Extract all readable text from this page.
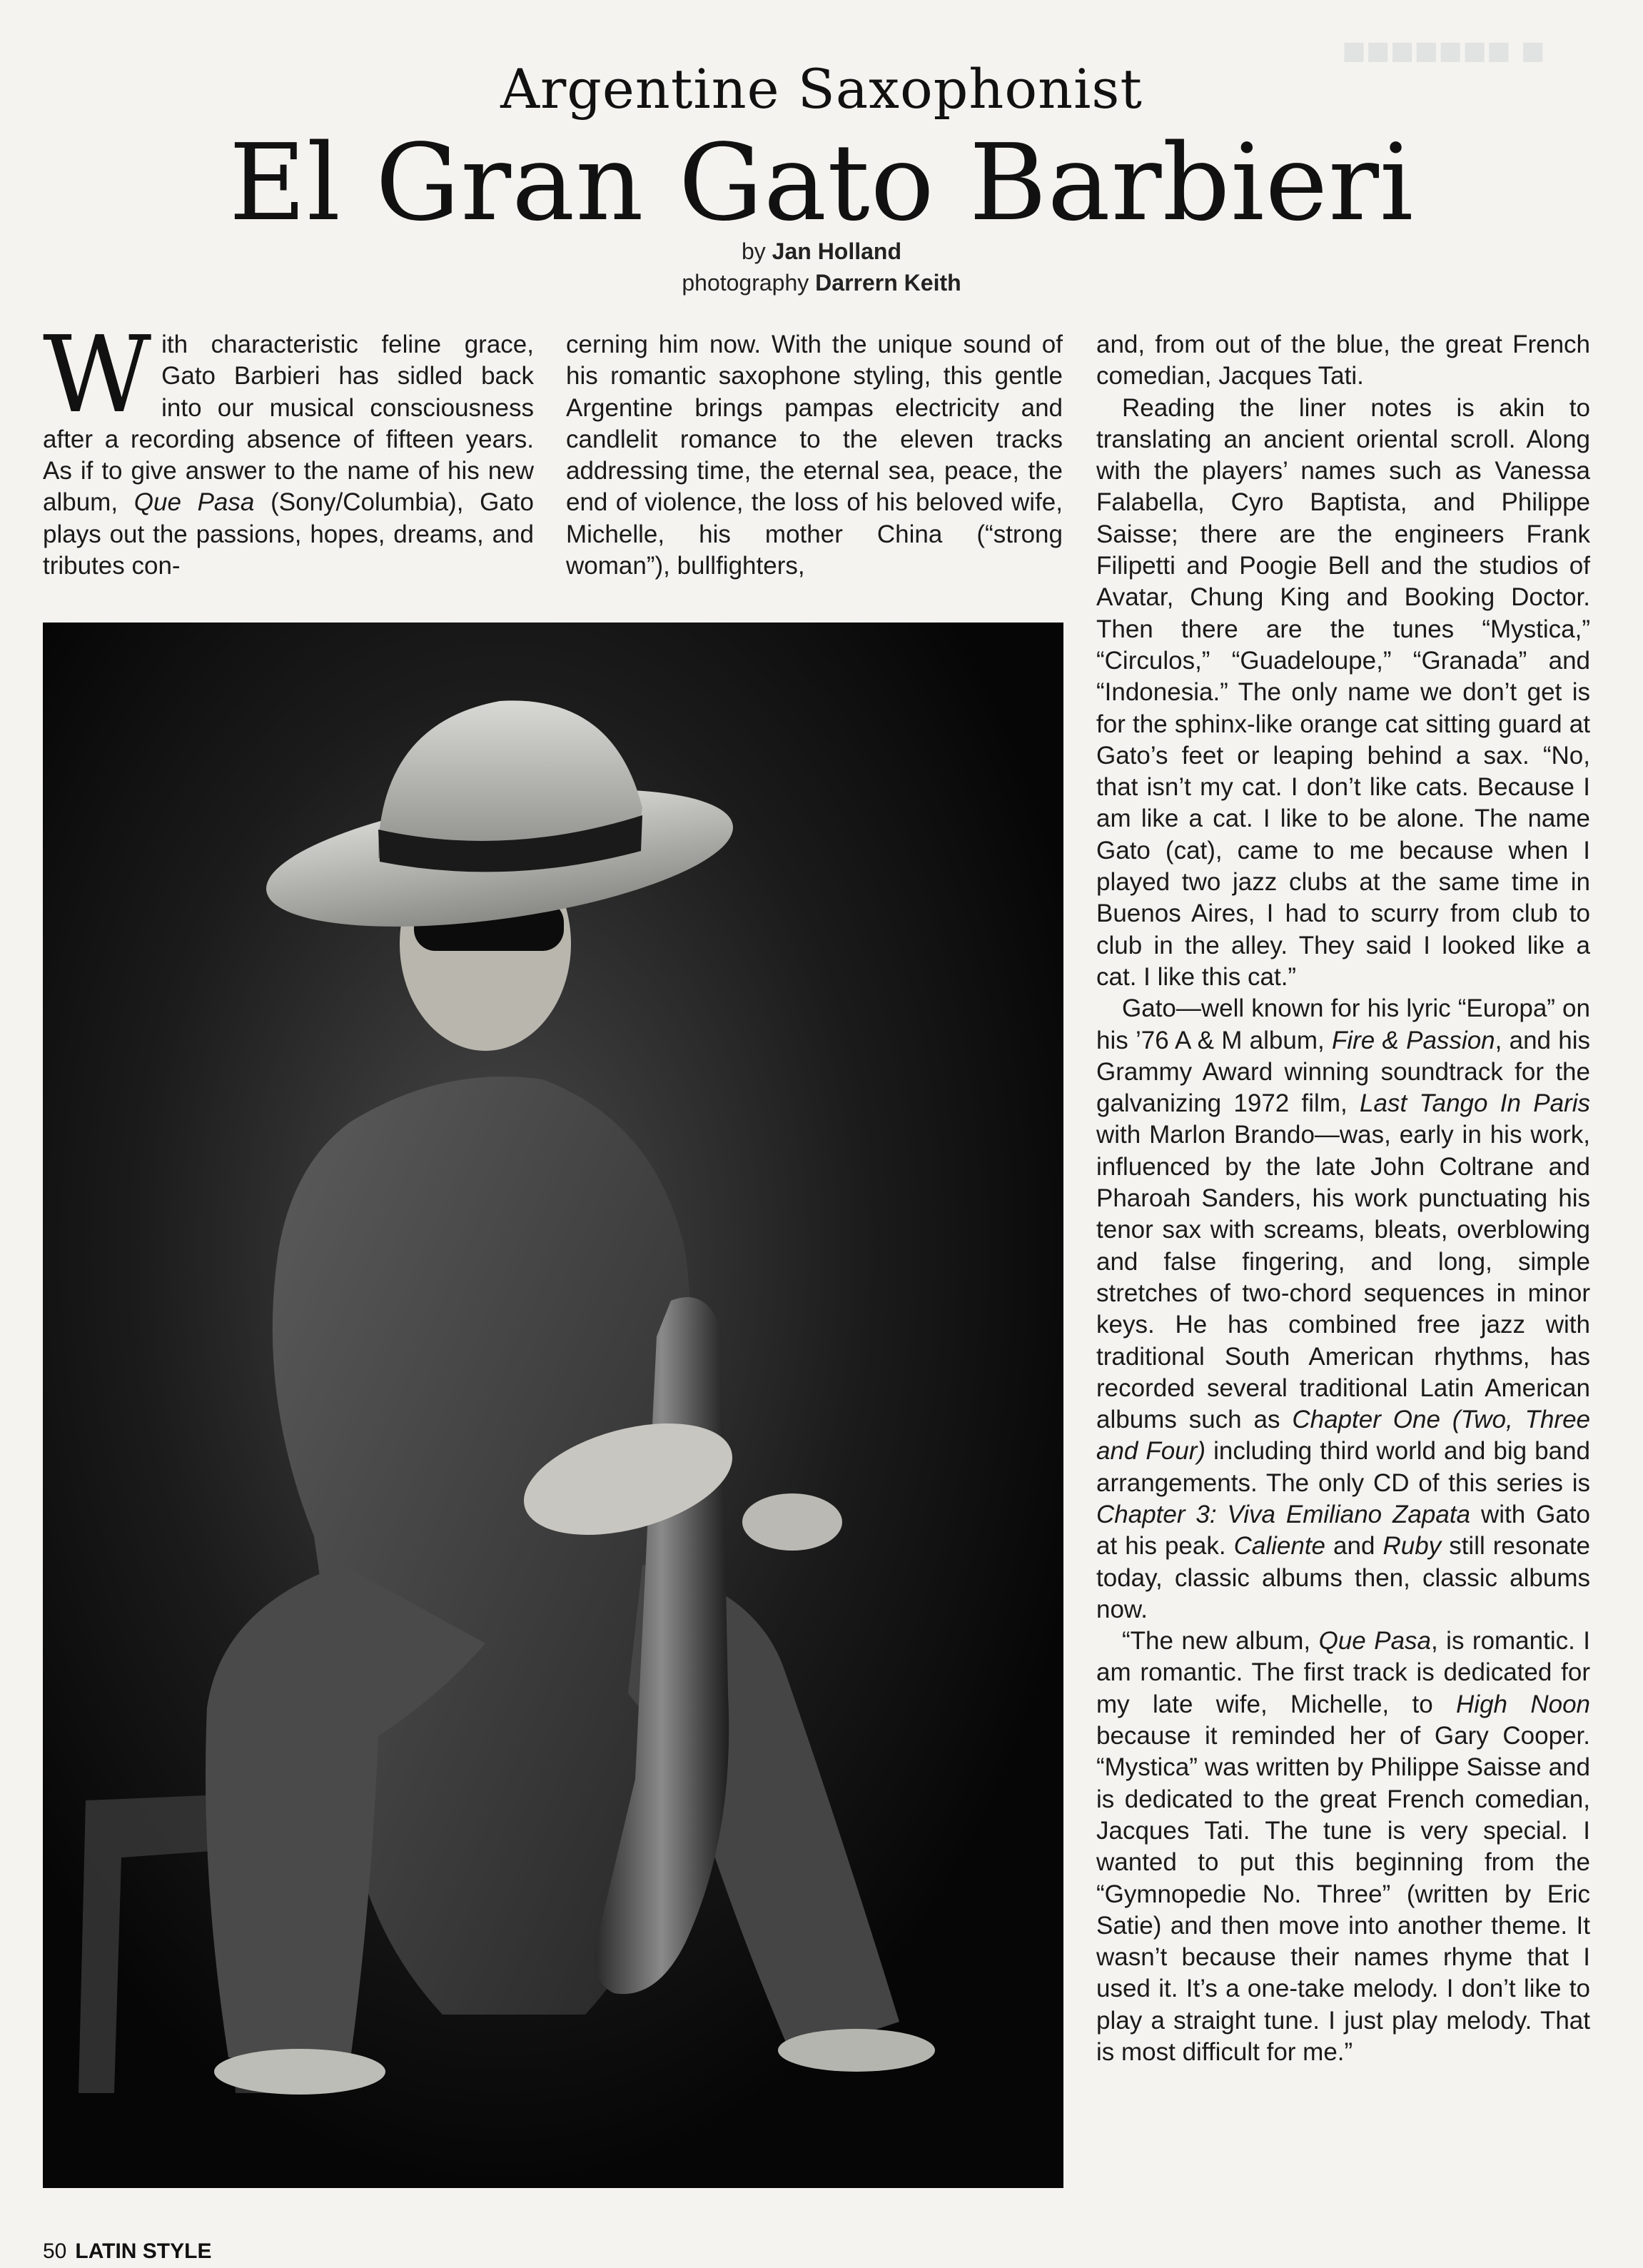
■ ■■■■■■■
Argentine Saxophonist
El Gran Gato Barbieri
by Jan Holland
photography Darrern Keith

With characteristic feline grace, Gato Barbieri has sidled back into our musical consciousness after a recording absence of fifteen years. As if to give answer to the name of his new album, Que Pasa (Sony/Columbia), Gato plays out the passions, hopes, dreams, and tributes con-

cerning him now. With the unique sound of his romantic saxophone styling, this gentle Argentine brings pampas electricity and candlelit romance to the eleven tracks addressing time, the eternal sea, peace, the end of violence, the loss of his beloved wife, Michelle, his mother China (“strong woman”), bullfighters,

and, from out of the blue, the great French comedian, Jacques Tati.

Reading the liner notes is akin to translating an ancient oriental scroll. Along with the players’ names such as Vanessa Falabella, Cyro Baptista, and Philippe Saisse; there are the engineers Frank Filipetti and Poogie Bell and the studios of Avatar, Chung King and Booking Doctor. Then there are the tunes “Mystica,” “Circulos,” “Guadeloupe,” “Granada” and “Indonesia.” The only name we don’t get is for the sphinx-like orange cat sitting guard at Gato’s feet or leaping behind a sax. “No, that isn’t my cat. I don’t like cats. Because I am like a cat. I like to be alone. The name Gato (cat), came to me because when I played two jazz clubs at the same time in Buenos Aires, I had to scurry from club to club in the alley. They said I looked like a cat. I like this cat.”

Gato—well known for his lyric “Europa” on his ’76 A & M album, Fire & Passion, and his Grammy Award winning soundtrack for the galvanizing 1972 film, Last Tango In Paris with Marlon Brando—was, early in his work, influenced by the late John Coltrane and Pharoah Sanders, his work punctuating his tenor sax with screams, bleats, overblowing and false fingering, and long, simple stretches of two-chord sequences in minor keys. He has combined free jazz with traditional South American rhythms, has recorded several traditional Latin American albums such as Chapter One (Two, Three and Four) including third world and big band arrangements. The only CD of this series is Chapter 3: Viva Emiliano Zapata with Gato at his peak. Caliente and Ruby still resonate today, classic albums then, classic albums now.

“The new album, Que Pasa, is romantic. I am romantic. The first track is dedicated for my late wife, Michelle, to High Noon because it reminded her of Gary Cooper. “Mystica” was written by Philippe Saisse and is dedicated to the great French comedian, Jacques Tati. The tune is very special. I wanted to put this beginning from the “Gymnopedie No. Three” (written by Eric Satie) and then move into another theme. It wasn’t because their names rhyme that I used it. It’s a one-take melody. I don’t like to play a straight tune. I just play melody. That is most difficult for me.”

50 LATIN STYLE
